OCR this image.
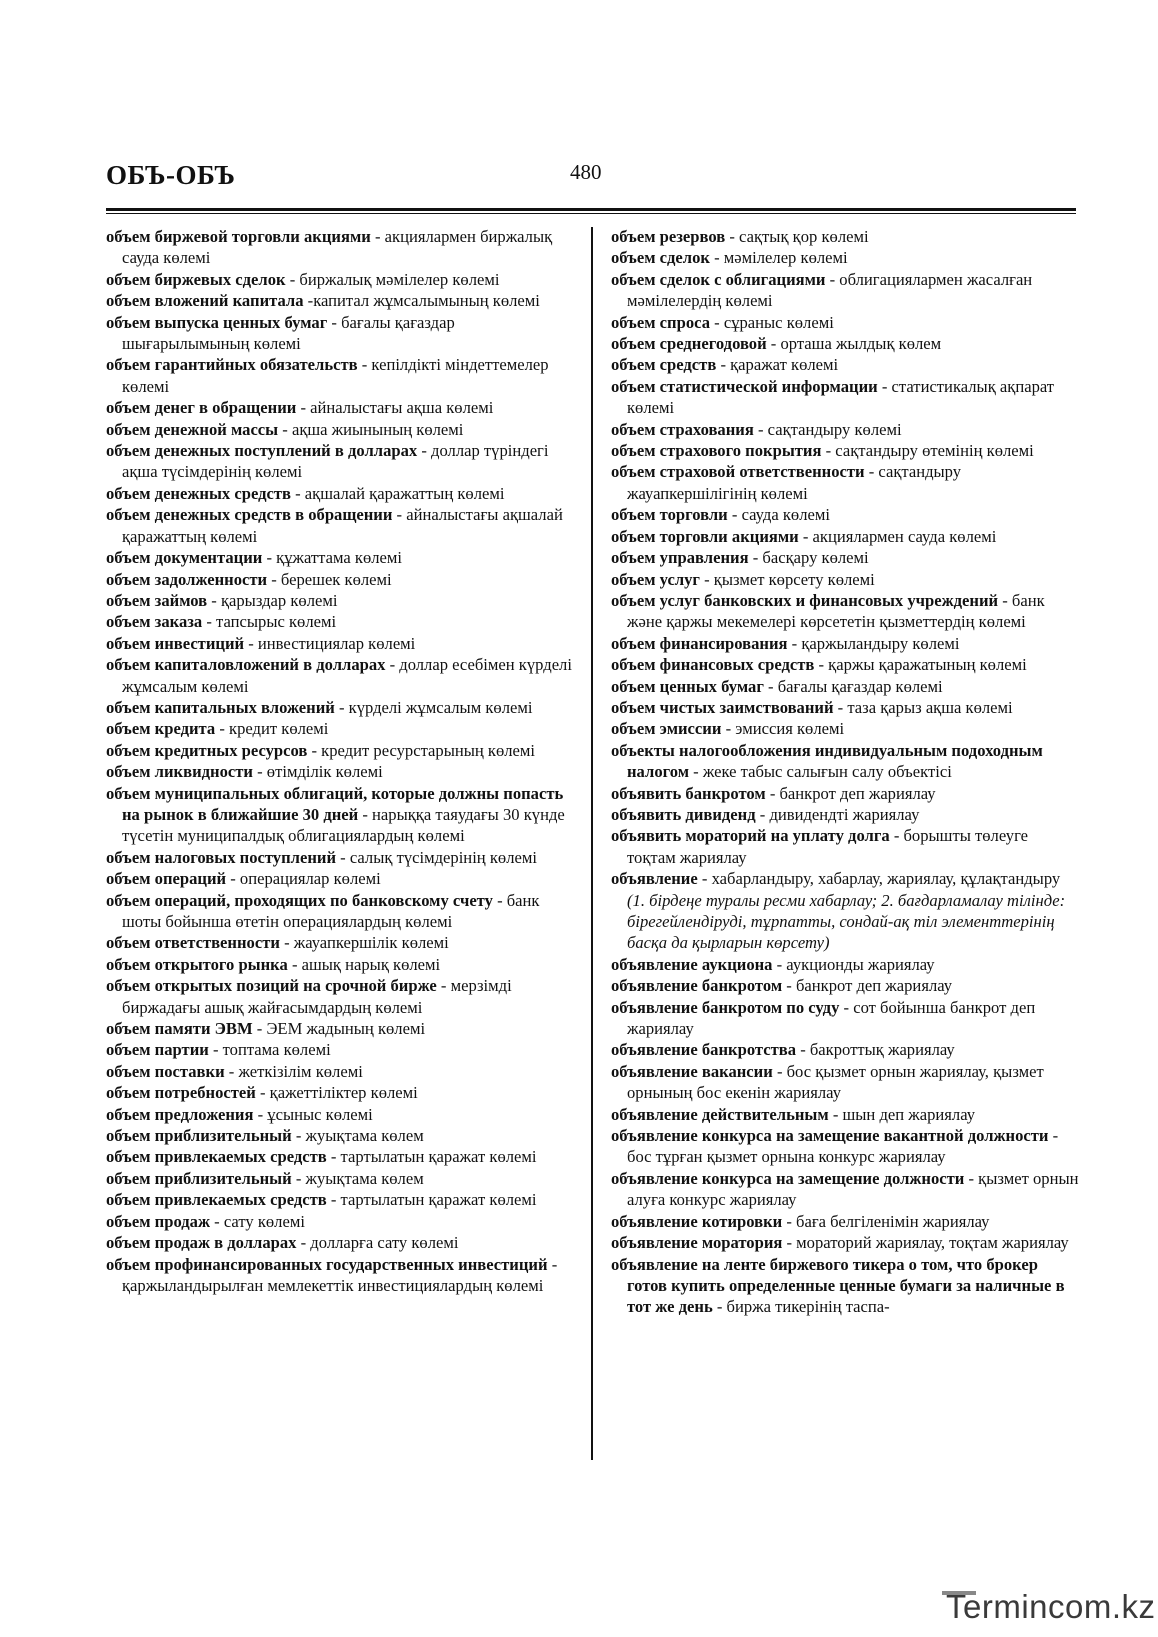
ОБЪ-ОБЪ	480

объем биржевой торговли акциями - акциялармен биржалық сауда көлемі

объем биржевых сделок - биржалық мәмілелер көлемі

объем вложений капитала -капитал жұмсалымының көлемі

объем выпуска ценных бумаг - бағалы қағаздар шығарылымының көлемі

объем гарантийных обязательств - кепілдікті міндеттемелер көлемі

объем денег в обращении - айналыстағы ақша көлемі

объем денежной массы - ақша жиынының көлемі

объем денежных поступлений в долларах - доллар түріндегі ақша түсімдерінің көлемі

объем денежных средств - ақшалай қаражаттың көлемі

объем денежных средств в обращении - айналыстағы ақшалай қаражаттың көлемі

объем документации - құжаттама көлемі

объем задолженности - берешек көлемі

объем займов - қарыздар көлемі

объем заказа - тапсырыс көлемі

объем инвестиций - инвестициялар көлемі

объем капиталовложений в долларах - доллар есебімен күрделі жұмсалым көлемі

объем капитальных вложений - күрделі жұмсалым көлемі

объем кредита - кредит көлемі

объем кредитных ресурсов - кредит ресурстарының көлемі

объем ликвидности - өтімділік көлемі

объем муниципальных облигаций, которые должны попасть на рынок в ближайшие 30 дней - нарыққа таяудағы 30 күнде түсетін муниципалдық облигациялардың көлемі

объем налоговых поступлений - салық түсімдерінің көлемі

объем операций - операциялар көлемі

объем операций, проходящих по банковскому счету - банк шоты бойынша өтетін операциялардың көлемі

объем ответственности - жауапкершілік көлемі

объем открытого рынка - ашық нарық көлемі

объем открытых позиций на срочной бирже - мерзімді биржадағы ашық жайғасымдардың көлемі

объем памяти ЭВМ - ЭЕМ жадының көлемі

объем партии - топтама көлемі

объем поставки - жеткізілім көлемі

объем потребностей - қажеттіліктер көлемі

объем предложения - ұсыныс көлемі

объем приблизительный - жуықтама көлем

объем привлекаемых средств - тартылатын қаражат көлемі

объем приблизительный - жуықтама көлем

объем привлекаемых средств - тартылатын қаражат көлемі

объем продаж - сату көлемі

объем продаж в долларах - долларға сату көлемі

объем профинансированных государственных инвестиций - қаржыландырылған мемлекеттік инвестициялардың көлемі

объем резервов - сақтық қор көлемі

объем сделок - мәмілелер көлемі

объем сделок с облигациями - облигациялармен жасалған мәмілелердің көлемі

объем спроса - сұраныс көлемі

объем среднегодовой - орташа жылдық көлем

объем средств - қаражат көлемі

объем статистической информации - статистикалық ақпарат көлемі

объем страхования - сақтандыру көлемі

объем страхового покрытия - сақтандыру өтемінің көлемі

объем страховой ответственности - сақтандыру жауапкершілігінің көлемі

объем торговли - сауда көлемі

объем торговли акциями - акциялармен сауда көлемі

объем управления - басқару көлемі

объем услуг - қызмет көрсету көлемі

объем услуг банковских и финансовых учреждений - банк және қаржы мекемелері көрсететін қызметтердің көлемі

объем финансирования - қаржыландыру көлемі

объем финансовых средств - қаржы қаражатының көлемі

объем ценных бумаг - бағалы қағаздар көлемі

объем чистых заимствований - таза қарыз ақша көлемі

объем эмиссии - эмиссия көлемі

объекты налогообложения индивидуальным подоходным налогом - жеке табыс салығын салу объектісі

объявить банкротом - банкрот деп жариялау

объявить дивиденд - дивидендті жариялау

объявить мораторий на уплату долга - борышты төлеуге тоқтам жариялау

объявление - хабарландыру, хабарлау, жариялау, құлақтандыру (1. бірдеңе туралы ресми хабарлау; 2. бағдарламалау тілінде: бірегейлендіруді, тұрпатты, сондай-ақ тіл элементтерінің басқа да қырларын көрсету)

объявление аукциона - аукционды жариялау

объявление банкротом - банкрот деп жариялау

объявление банкротом по суду - сот бойынша банкрот деп жариялау

объявление банкротства - бакроттық жариялау

объявление вакансии - бос қызмет орнын жариялау, қызмет орнының бос екенін жариялау

объявление действительным - шын деп жариялау

объявление конкурса на замещение вакантной должности - бос тұрған қызмет орнына конкурс жариялау

объявление конкурса на замещение должности - қызмет орнын алуға конкурс жариялау

объявление котировки - баға белгіленімін жариялау

объявление моратория - мораторий жариялау, тоқтам жариялау

объявление на ленте биржевого тикера о том, что брокер готов купить определенные ценные бумаги за наличные в тот же день - биржа тикерінің таспа-

Termincom.kz
